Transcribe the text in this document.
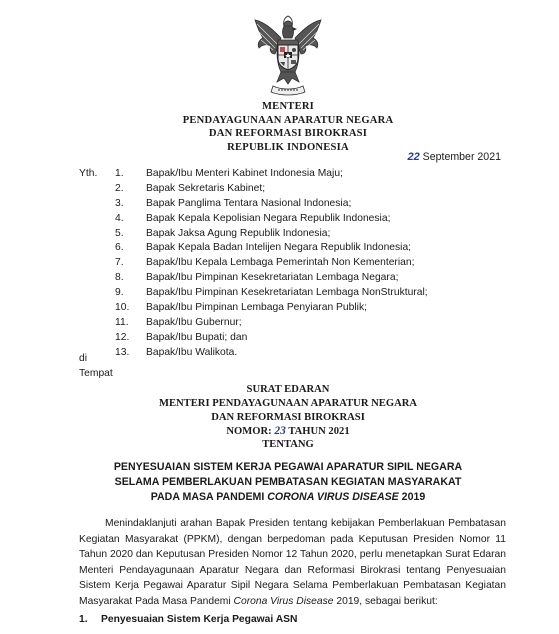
MENTERI
PENDAYAGUNAAN APARATUR NEGARA
DAN REFORMASI BIROKRASI
REPUBLIK INDONESIA
22 September 2021
Yth. 1.	Bapak/Ibu Menteri Kabinet Indonesia Maju;
2.	Bapak Sekretaris Kabinet;
3.	Bapak Panglima Tentara Nasional Indonesia;
4.	Bapak Kepala Kepolisian Negara Republik Indonesia;
5.	Bapak Jaksa Agung Republik Indonesia;
6.	Bapak Kepala Badan Intelijen Negara Republik Indonesia;
7.	Bapak/Ibu Kepala Lembaga Pemerintah Non Kementerian;
8.	Bapak/Ibu Pimpinan Kesekretariatan Lembaga Negara;
9.	Bapak/Ibu Pimpinan Kesekretariatan Lembaga NonStruktural;
10.	Bapak/Ibu Pimpinan Lembaga Penyiaran Publik;
11.	Bapak/Ibu Gubernur;
12.	Bapak/Ibu Bupati; dan
13.	Bapak/Ibu Walikota.
di
Tempat
SURAT EDARAN
MENTERI PENDAYAGUNAAN APARATUR NEGARA
DAN REFORMASI BIROKRASI
NOMOR: 23 TAHUN 2021
TENTANG
PENYESUAIAN SISTEM KERJA PEGAWAI APARATUR SIPIL NEGARA
SELAMA PEMBERLAKUAN PEMBATASAN KEGIATAN MASYARAKAT
PADA MASA PANDEMI CORONA VIRUS DISEASE 2019

Menindaklanjuti arahan Bapak Presiden tentang kebijakan Pemberlakuan Pembatasan Kegiatan Masyarakat (PPKM), dengan berpedoman pada Keputusan Presiden Nomor 11 Tahun 2020 dan Keputusan Presiden Nomor 12 Tahun 2020, perlu menetapkan Surat Edaran Menteri Pendayagunaan Aparatur Negara dan Reformasi Birokrasi tentang Penyesuaian Sistem Kerja Pegawai Aparatur Sipil Negara Selama Pemberlakuan Pembatasan Kegiatan Masyarakat Pada Masa Pandemi Corona Virus Disease 2019, sebagai berikut:

1. Penyesuaian Sistem Kerja Pegawai ASN
